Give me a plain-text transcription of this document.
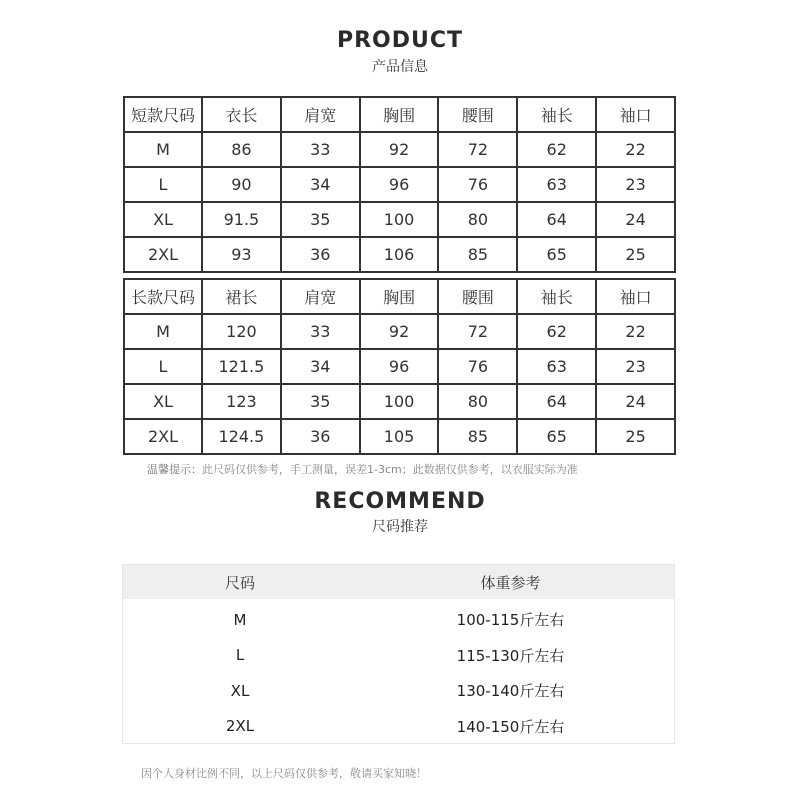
PRODUCT
产品信息
短款尺码	衣长	肩宽	胸围	腰围	袖长	袖口
M	86	33	92	72	62	22
L	90	34	96	76	63	23
XL	91.5	35	100	80	64	24
2XL	93	36	106	85	65	25
长款尺码	裙长	肩宽	胸围	腰围	袖长	袖口
M	120	33	92	72	62	22
L	121.5	34	96	76	63	23
XL	123	35	100	80	64	24
2XL	124.5	36	105	85	65	25
温馨提示：此尺码仅供参考，手工测量，误差1-3cm；此数据仅供参考，以衣服实际为准
RECOMMEND
尺码推荐
尺码	体重参考
M	100-115斤左右
L	115-130斤左右
XL	130-140斤左右
2XL	140-150斤左右
因个人身材比例不同，以上尺码仅供参考，敬请买家知晓！
